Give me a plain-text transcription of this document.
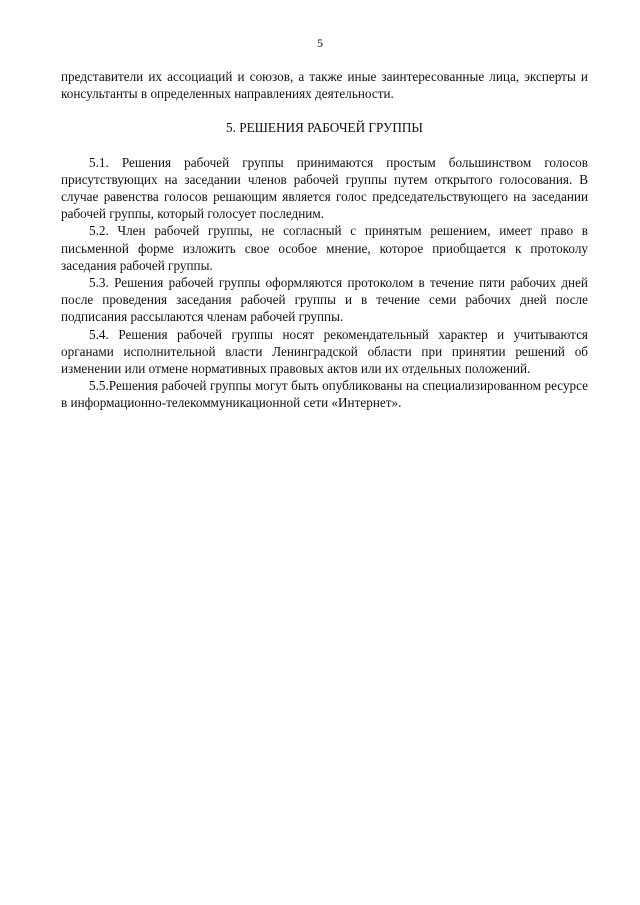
5

представители их ассоциаций и союзов, а также иные заинтересованные лица, эксперты и консультанты в определенных направлениях деятельности.

5. РЕШЕНИЯ РАБОЧЕЙ ГРУППЫ

5.1. Решения рабочей группы принимаются простым большинством голосов присутствующих на заседании членов рабочей группы путем открытого голосования. В случае равенства голосов решающим является голос председательствующего на заседании рабочей группы, который голосует последним.

5.2. Член рабочей группы, не согласный с принятым решением, имеет право в письменной форме изложить свое особое мнение, которое приобщается к протоколу заседания рабочей группы.

5.3. Решения рабочей группы оформляются протоколом в течение пяти рабочих дней после проведения заседания рабочей группы и в течение семи рабочих дней после подписания рассылаются членам рабочей группы.

5.4. Решения рабочей группы носят рекомендательный характер и учитываются органами исполнительной власти Ленинградской области при принятии решений об изменении или отмене нормативных правовых актов или их отдельных положений.

5.5.Решения рабочей группы могут быть опубликованы на специализированном ресурсе в информационно-телекоммуникационной сети «Интернет».
